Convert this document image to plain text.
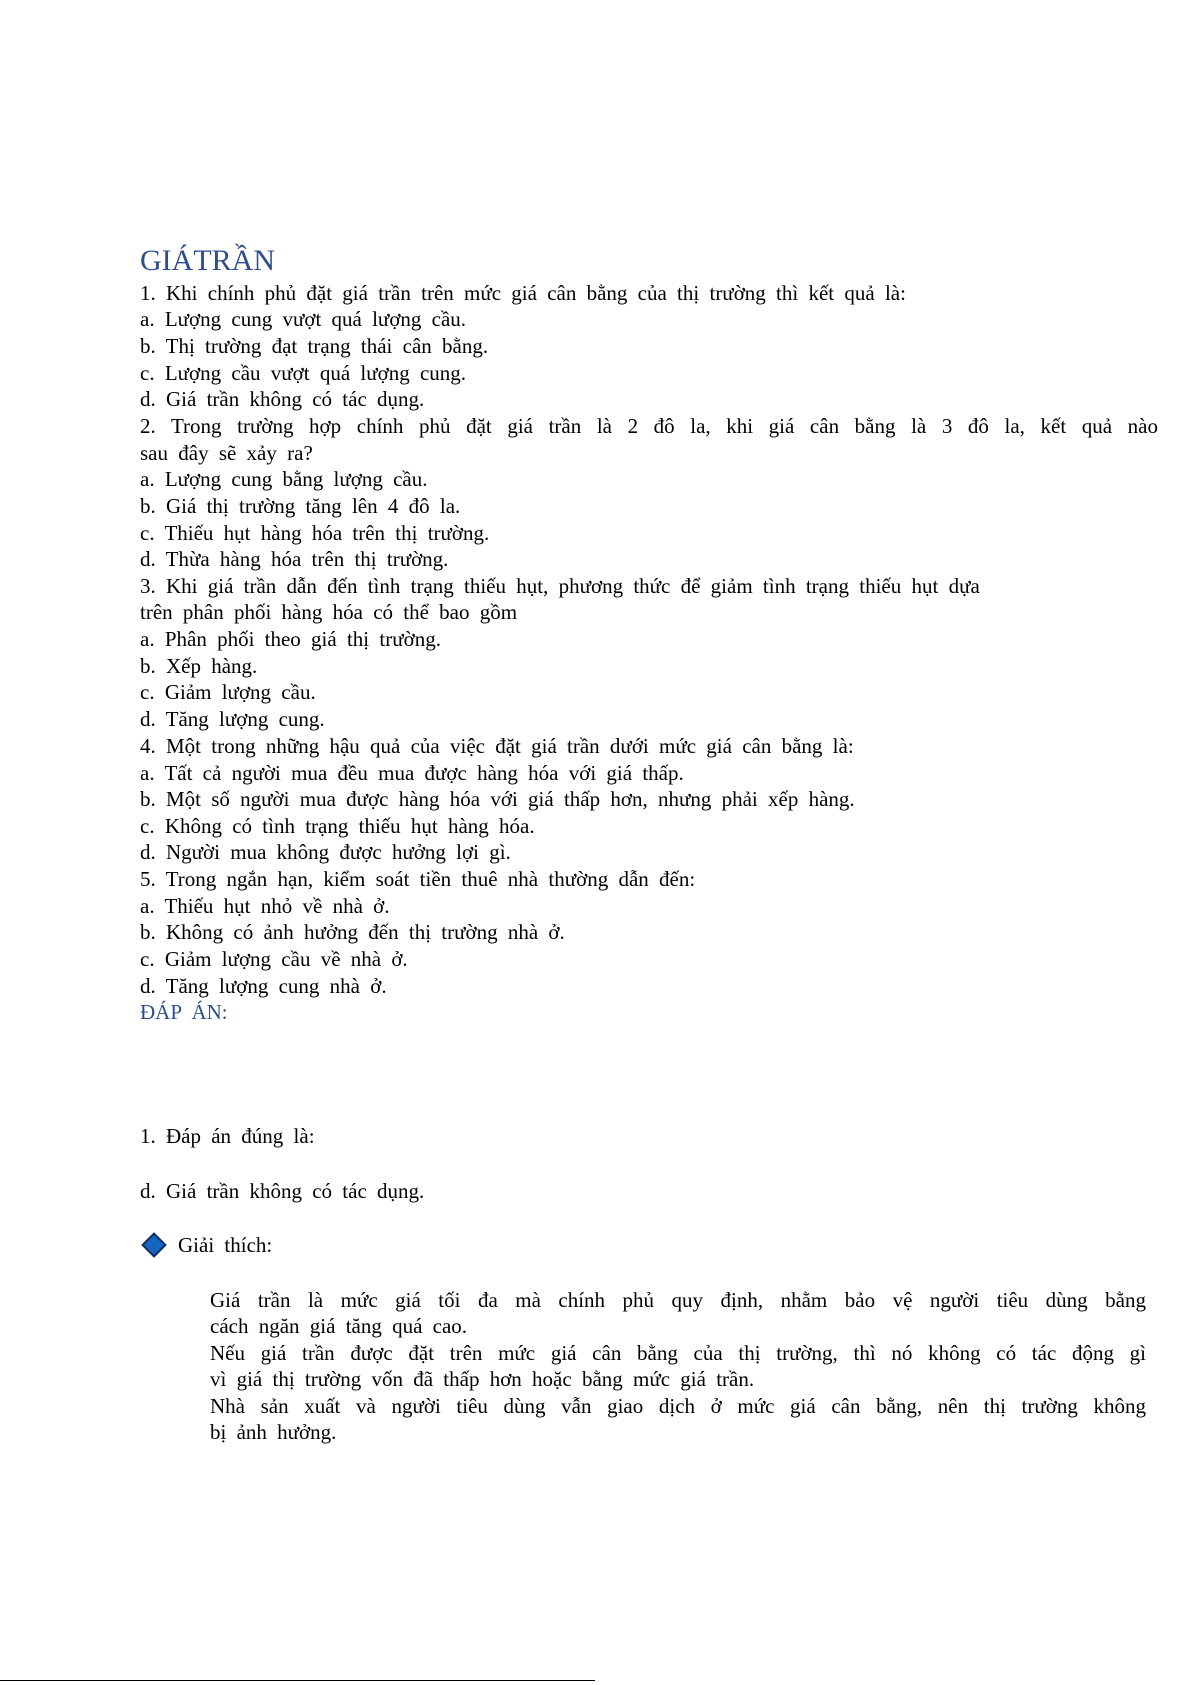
GIÁTRẦN
1. Khi chính phủ đặt giá trần trên mức giá cân bằng của thị trường thì kết quả là:
a. Lượng cung vượt quá lượng cầu.
b. Thị trường đạt trạng thái cân bằng.
c. Lượng cầu vượt quá lượng cung.
d. Giá trần không có tác dụng.
2. Trong trường hợp chính phủ đặt giá trần là 2 đô la, khi giá cân bằng là 3 đô la, kết quả nào
sau đây sẽ xảy ra?
a. Lượng cung bằng lượng cầu.
b. Giá thị trường tăng lên 4 đô la.
c. Thiếu hụt hàng hóa trên thị trường.
d. Thừa hàng hóa trên thị trường.
3. Khi giá trần dẫn đến tình trạng thiếu hụt, phương thức để giảm tình trạng thiếu hụt dựa
trên phân phối hàng hóa có thể bao gồm
a. Phân phối theo giá thị trường.
b. Xếp hàng.
c. Giảm lượng cầu.
d. Tăng lượng cung.
4. Một trong những hậu quả của việc đặt giá trần dưới mức giá cân bằng là:
a. Tất cả người mua đều mua được hàng hóa với giá thấp.
b. Một số người mua được hàng hóa với giá thấp hơn, nhưng phải xếp hàng.
c. Không có tình trạng thiếu hụt hàng hóa.
d. Người mua không được hưởng lợi gì.
5. Trong ngắn hạn, kiểm soát tiền thuê nhà thường dẫn đến:
a. Thiếu hụt nhỏ về nhà ở.
b. Không có ảnh hưởng đến thị trường nhà ở.
c. Giảm lượng cầu về nhà ở.
d. Tăng lượng cung nhà ở.
ĐÁP ÁN:
1. Đáp án đúng là:
d. Giá trần không có tác dụng.
Giải thích:
Giá trần là mức giá tối đa mà chính phủ quy định, nhằm bảo vệ người tiêu dùng bằng
cách ngăn giá tăng quá cao.
Nếu giá trần được đặt trên mức giá cân bằng của thị trường, thì nó không có tác động gì
vì giá thị trường vốn đã thấp hơn hoặc bằng mức giá trần.
Nhà sản xuất và người tiêu dùng vẫn giao dịch ở mức giá cân bằng, nên thị trường không
bị ảnh hưởng.
